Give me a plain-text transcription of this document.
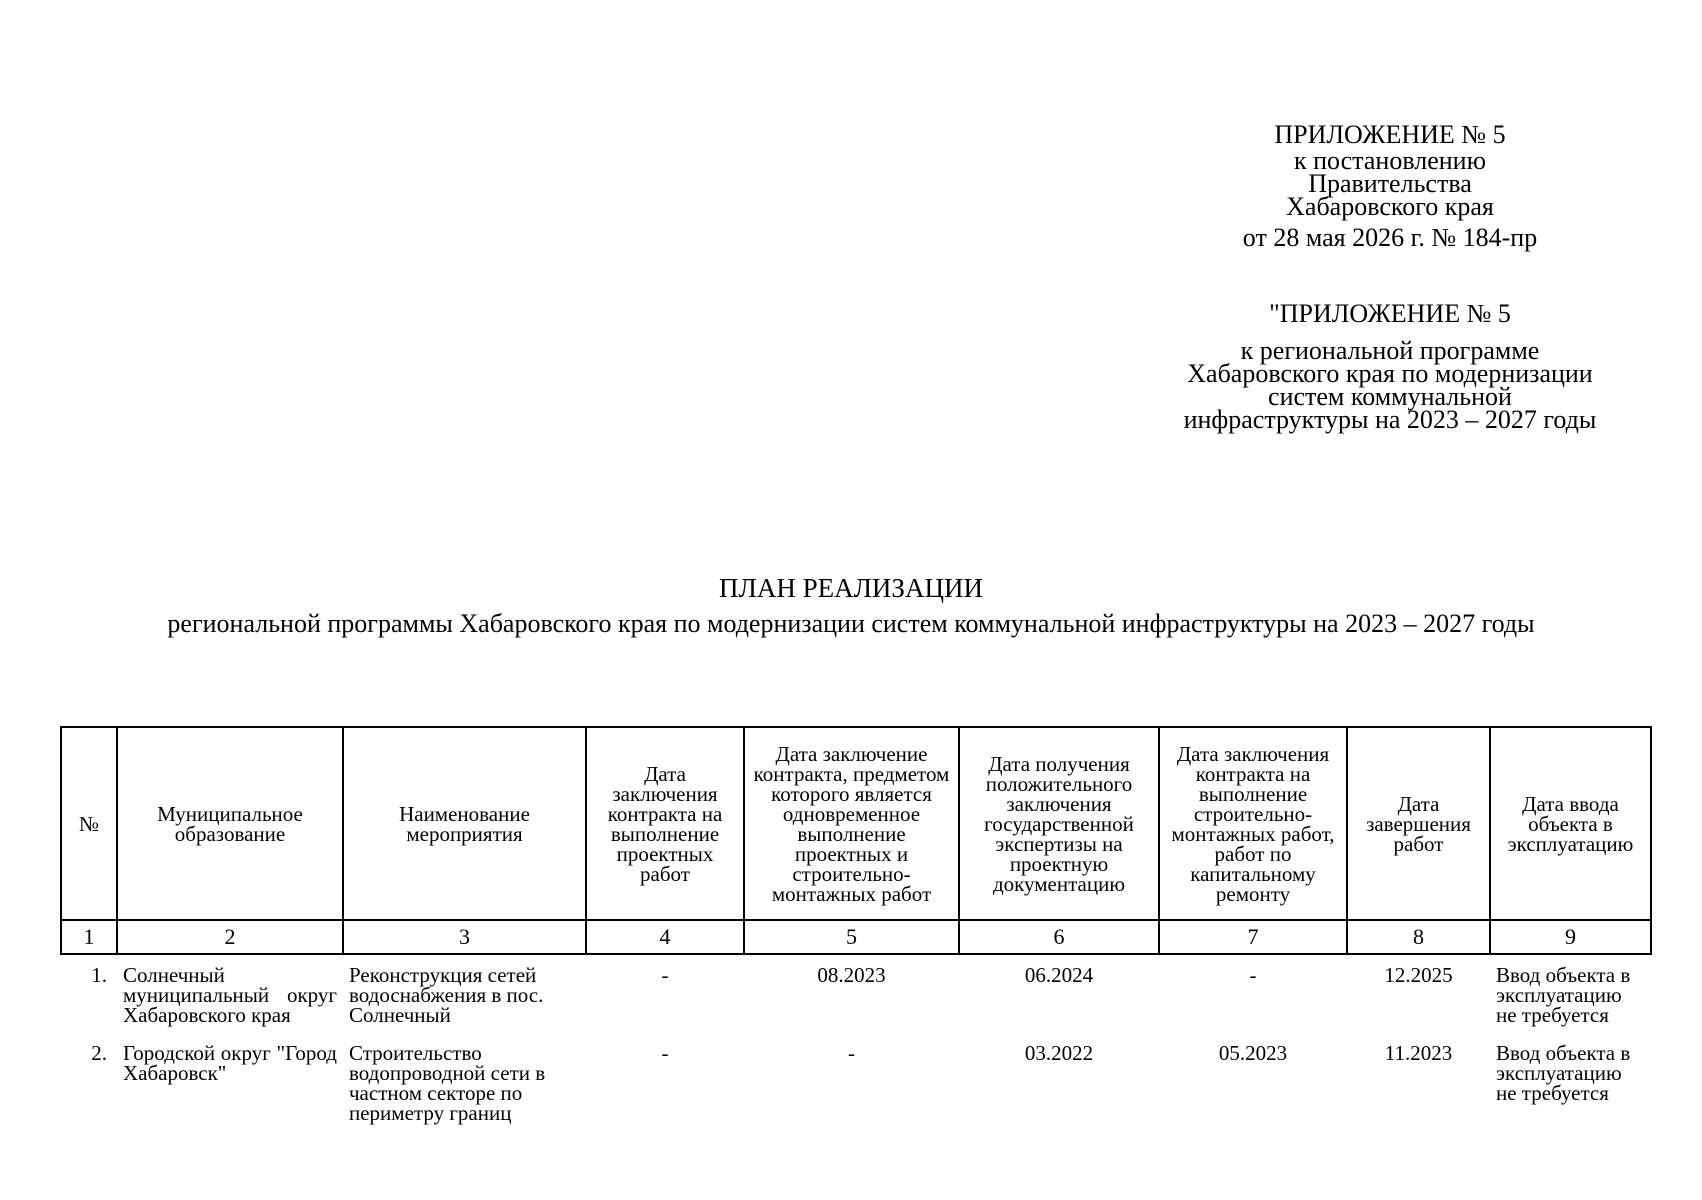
ПРИЛОЖЕНИЕ № 5
к постановлению
Правительства
Хабаровского края
от 28 мая 2026 г. № 184-пр
"ПРИЛОЖЕНИЕ № 5
к региональной программе
Хабаровского края по модернизации
систем коммунальной
инфраструктуры на 2023 – 2027 годы
ПЛАН РЕАЛИЗАЦИИ
региональной программы Хабаровского края по модернизации систем коммунальной инфраструктуры на 2023 – 2027 годы
№	Муниципальное образование	Наименование мероприятия	Дата заключения контракта на выполнение проектных работ	Дата заключение контракта, предметом которого является одновременное выполнение проектных и строительно-монтажных работ	Дата получения положительного заключения государственной экспертизы на проектную документацию	Дата заключения контракта на выполнение строительно-монтажных работ, работ по капитальному ремонту	Дата завершения работ	Дата ввода объекта в эксплуатацию
1	2	3	4	5	6	7	8	9
1.	Солнечный муниципальный округ Хабаровского края	Реконструкция сетей водоснабжения в пос. Солнечный	-	08.2023	06.2024	-	12.2025	Ввод объекта в эксплуатацию не требуется

2.	Городской округ "Город Хабаровск"	Строительство водопроводной сети в частном секторе по периметру границ	-	-	03.2022	05.2023	11.2023	Ввод объекта в эксплуатацию не требуется
